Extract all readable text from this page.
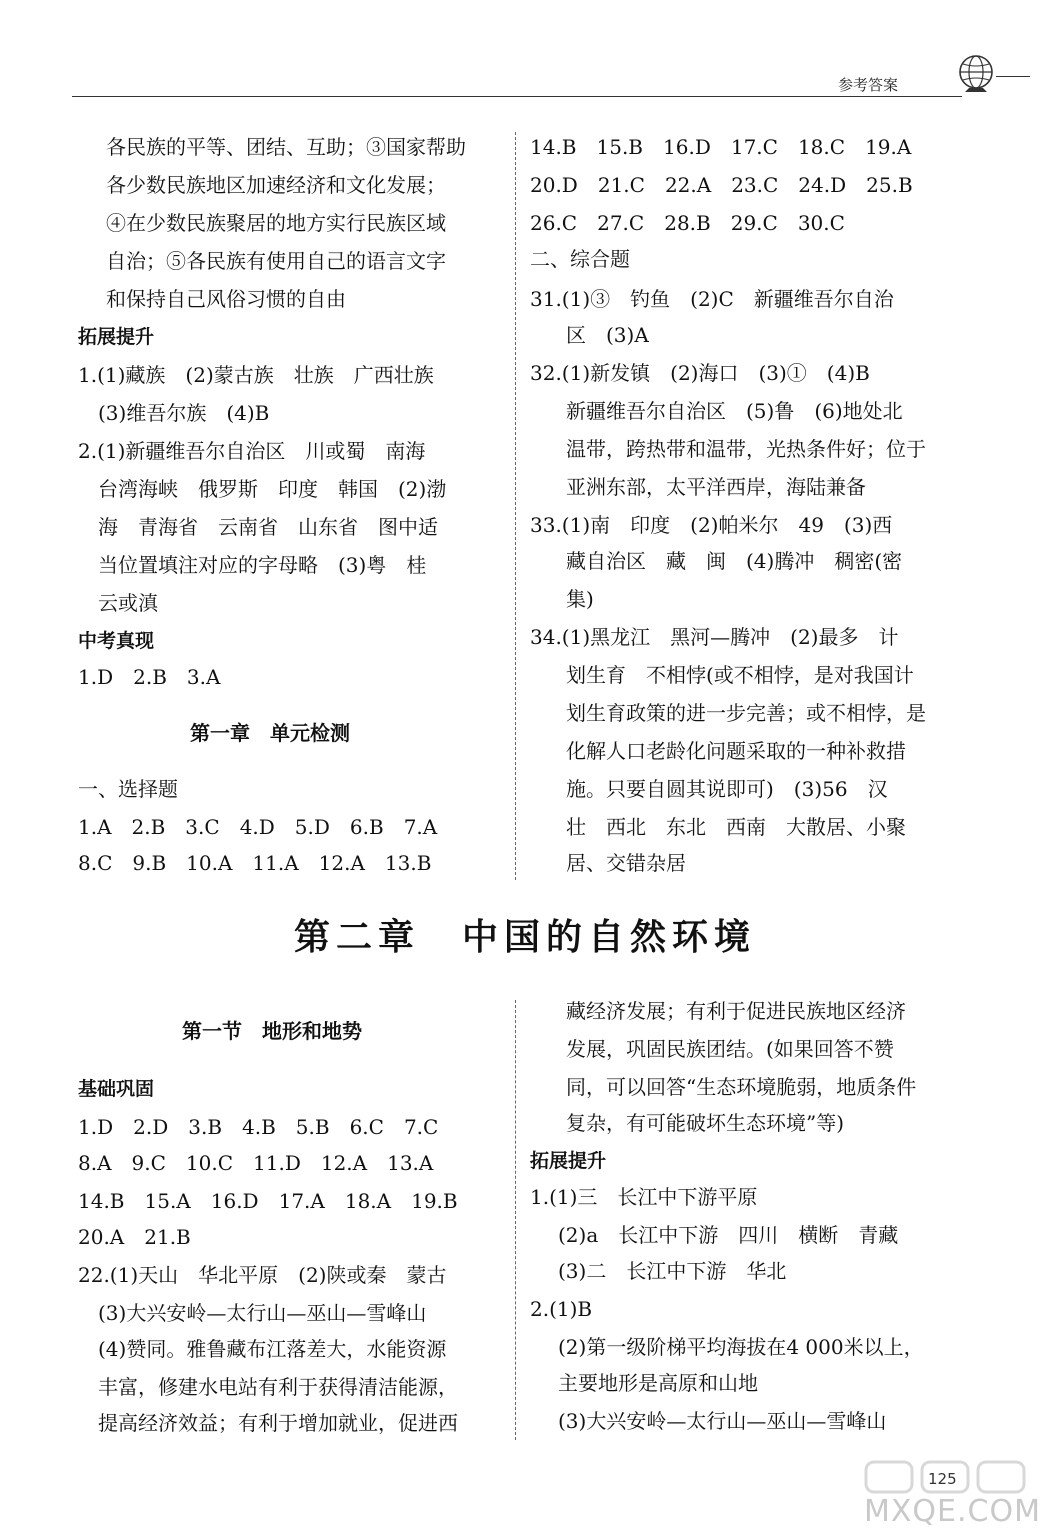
参考答案
各民族的平等、团结、互助；③国家帮助
各少数民族地区加速经济和文化发展；
④在少数民族聚居的地方实行民族区域
自治；⑤各民族有使用自己的语言文字
和保持自己风俗习惯的自由
拓展提升
1.(1)藏族　(2)蒙古族　壮族　广西壮族
(3)维吾尔族　(4)B
2.(1)新疆维吾尔自治区　川或蜀　南海
台湾海峡　俄罗斯　印度　韩国　(2)渤
海　青海省　云南省　山东省　图中适
当位置填注对应的字母略　(3)粤　桂
云或滇
中考真现
1.D　2.B　3.A
第一章　单元检测
一、选择题
1.A　2.B　3.C　4.D　5.D　6.B　7.A
8.C　9.B　10.A　11.A　12.A　13.B
14.B　15.B　16.D　17.C　18.C　19.A
20.D　21.C　22.A　23.C　24.D　25.B
26.C　27.C　28.B　29.C　30.C
二、综合题
31.(1)③　钓鱼　(2)C　新疆维吾尔自治
区　(3)A
32.(1)新发镇　(2)海口　(3)①　(4)B
新疆维吾尔自治区　(5)鲁　(6)地处北
温带，跨热带和温带，光热条件好；位于
亚洲东部，太平洋西岸，海陆兼备
33.(1)南　印度　(2)帕米尔　49　(3)西
藏自治区　藏　闽　(4)腾冲　稠密(密
集)
34.(1)黑龙江　黑河—腾冲　(2)最多　计
划生育　不相悖(或不相悖，是对我国计
划生育政策的进一步完善；或不相悖，是
化解人口老龄化问题采取的一种补救措
施。只要自圆其说即可)　(3)56　汉
壮　西北　东北　西南　大散居、小聚
居、交错杂居
第二章　中国的自然环境
第一节　地形和地势
基础巩固
1.D　2.D　3.B　4.B　5.B　6.C　7.C
8.A　9.C　10.C　11.D　12.A　13.A
14.B　15.A　16.D　17.A　18.A　19.B
20.A　21.B
22.(1)天山　华北平原　(2)陕或秦　蒙古
(3)大兴安岭—太行山—巫山—雪峰山
(4)赞同。雅鲁藏布江落差大，水能资源
丰富，修建水电站有利于获得清洁能源，
提高经济效益；有利于增加就业，促进西
藏经济发展；有利于促进民族地区经济
发展，巩固民族团结。(如果回答不赞
同，可以回答“生态环境脆弱，地质条件
复杂，有可能破坏生态环境”等)
拓展提升
1.(1)三　长江中下游平原
(2)a　长江中下游　四川　横断　青藏
(3)二　长江中下游　华北
2.(1)B
(2)第一级阶梯平均海拔在4 000米以上，
主要地形是高原和山地
(3)大兴安岭—太行山—巫山—雪峰山
125
MXQE.COM
